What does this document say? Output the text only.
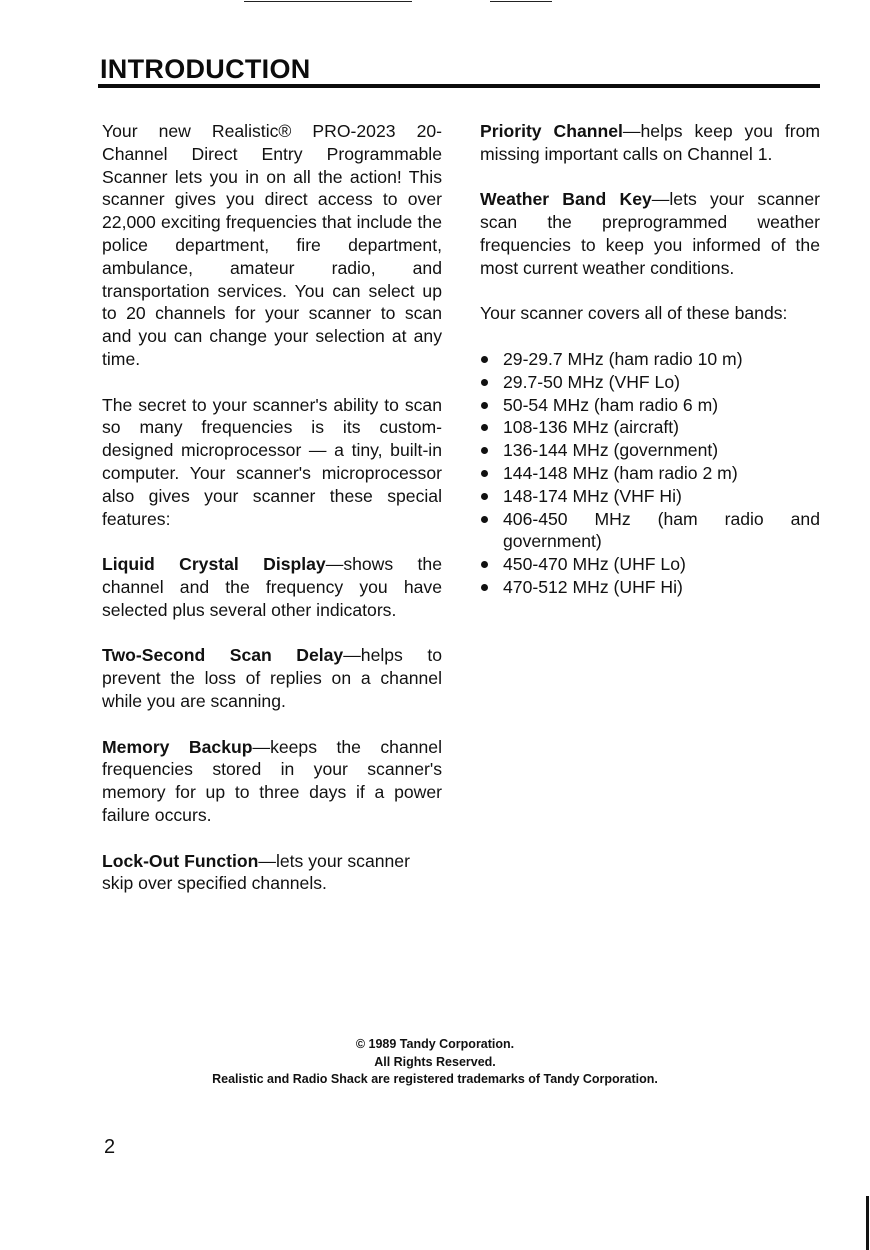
INTRODUCTION

Your new Realistic® PRO-2023 20-Channel Direct Entry Programmable Scanner lets you in on all the action! This scanner gives you direct access to over 22,000 exciting frequencies that include the police department, fire department, ambulance, amateur radio, and transportation services. You can select up to 20 channels for your scanner to scan and you can change your selection at any time.

The secret to your scanner's ability to scan so many frequencies is its custom-designed microprocessor — a tiny, built-in computer. Your scanner's microprocessor also gives your scanner these special features:

Liquid Crystal Display—shows the channel and the frequency you have selected plus several other indicators.

Two-Second Scan Delay—helps to prevent the loss of replies on a channel while you are scanning.

Memory Backup—keeps the channel frequencies stored in your scanner's memory for up to three days if a power failure occurs.

Lock-Out Function—lets your scanner skip over specified channels.

Priority Channel—helps keep you from missing important calls on Channel 1.

Weather Band Key—lets your scanner scan the preprogrammed weather frequencies to keep you informed of the most current weather conditions.

Your scanner covers all of these bands:

29-29.7 MHz (ham radio 10 m)
29.7-50 MHz (VHF Lo)
50-54 MHz (ham radio 6 m)
108-136 MHz (aircraft)
136-144 MHz (government)
144-148 MHz (ham radio 2 m)
148-174 MHz (VHF Hi)
406-450 MHz (ham radio and government)
450-470 MHz (UHF Lo)
470-512 MHz (UHF Hi)
© 1989 Tandy Corporation.
All Rights Reserved.
Realistic and Radio Shack are registered trademarks of Tandy Corporation.
2
